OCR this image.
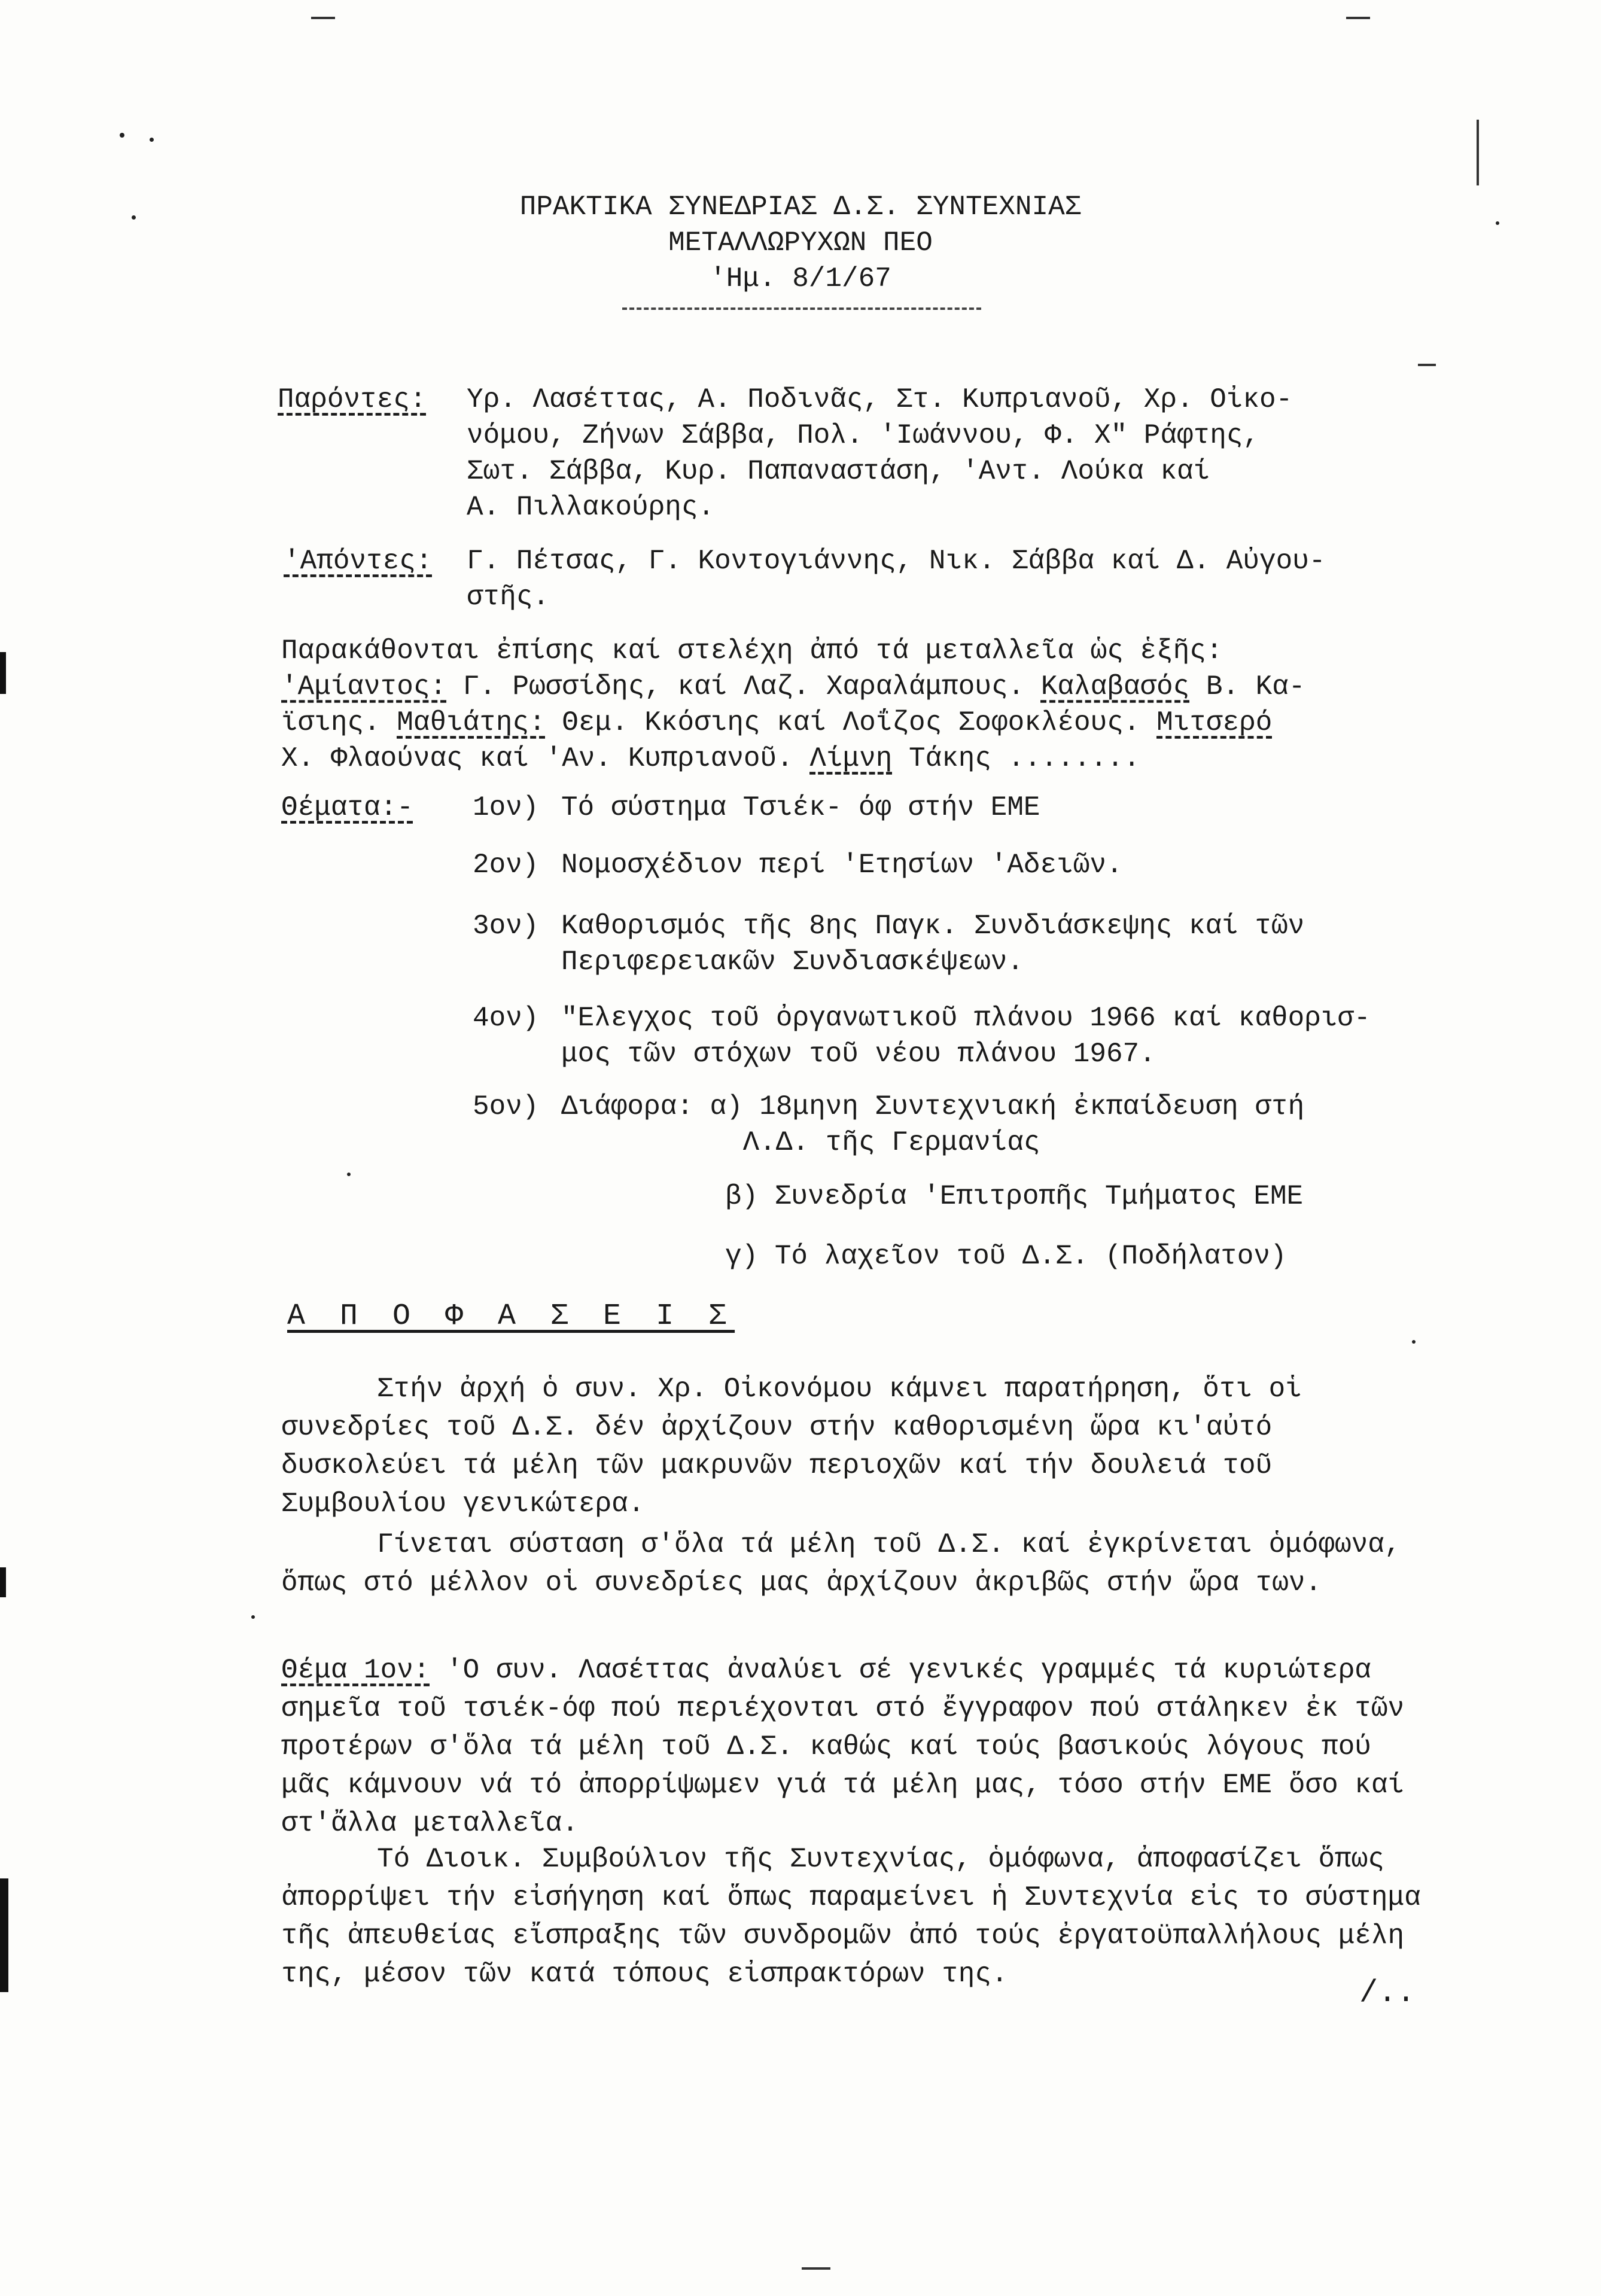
ΠΡΑΚΤΙΚΑ ΣΥΝΕΔΡΙΑΣ Δ.Σ. ΣΥΝΤΕΧΝΙΑΣ
ΜΕΤΑΛΛΩΡΥΧΩΝ ΠΕΟ
'Ημ. 8/1/67
Παρόντες: Υρ. Λασέττας, Α. Ποδινᾶς, Στ. Κυπριανοῦ, Χρ. Οἰκο-
νόμου, Ζήνων Σάββα, Πολ. 'Ιωάννου, Φ. Χ" Ράφτης,
Σωτ. Σάββα, Κυρ. Παπαναστάση, 'Αντ. Λούκα καί
Α. Πιλλακούρης.
'Απόντες: Γ. Πέτσας, Γ. Κοντογιάννης, Νικ. Σάββα καί Δ. Αὐγου-
στῆς.
Παρακάθονται ἐπίσης καί στελέχη ἀπό τά μεταλλεῖα ὡς ἑξῆς:
'Αμίαντος: Γ. Ρωσσίδης, καί Λαζ. Χαραλάμπους. Καλαβασός Β. Κα-
ϊσιης. Μαθιάτης: Θεμ. Κκόσιης καί Λοΐζος Σοφοκλέους. Μιτσερό
Χ. Φλαούνας καί 'Αν. Κυπριανοῦ. Λίμνη Τάκης ........
Θέματα:- 1ον) Τό σύστημα Τσιέκ- όφ στήν ΕΜΕ
2ον) Νομοσχέδιον περί 'Ετησίων 'Αδειῶν.
3ον) Καθορισμός τῆς 8ης Παγκ. Συνδιάσκεψης καί τῶν
Περιφερειακῶν Συνδιασκέψεων.
4ον) "Ελεγχος τοῦ ὀργανωτικοῦ πλάνου 1966 καί καθορισ-
μος τῶν στόχων τοῦ νέου πλάνου 1967.
5ον) Διάφορα: α) 18μηνη Συντεχνιακή ἐκπαίδευση στή
Λ.Δ. τῆς Γερμανίας
β) Συνεδρία 'Επιτροπῆς Τμήματος ΕΜΕ
γ) Τό λαχεῖον τοῦ Δ.Σ. (Ποδήλατον)
Α Π Ο Φ Α Σ Ε Ι Σ
Στήν ἀρχή ὁ συν. Χρ. Οἰκονόμου κάμνει παρατήρηση, ὅτι οἱ συνεδρίες τοῦ Δ.Σ. δέν ἀρχίζουν στήν καθορισμένη ὥρα κι'αὐτό δυσκολεύει τά μέλη τῶν μακρυνῶν περιοχῶν καί τήν δουλειά τοῦ Συμβουλίου γενικώτερα.
Γίνεται σύσταση σ'ὅλα τά μέλη τοῦ Δ.Σ. καί ἐγκρίνεται ὁμόφωνα, ὅπως στό μέλλον οἱ συνεδρίες μας ἀρχίζουν ἀκριβῶς στήν ὥρα των.
Θέμα 1ον: 'Ο συν. Λασέττας ἀναλύει σέ γενικές γραμμές τά κυριώτερα σημεῖα τοῦ τσιέκ-όφ πού περιέχονται στό ἔγγραφον πού στάληκεν ἐκ τῶν προτέρων σ'ὅλα τά μέλη τοῦ Δ.Σ. καθώς καί τούς βασικούς λόγους πού μᾶς κάμνουν νά τό ἀπορρίψωμεν γιά τά μέλη μας, τόσο στήν ΕΜΕ ὅσο καί στ'ἄλλα μεταλλεῖα.
Τό Διοικ. Συμβούλιον τῆς Συντεχνίας, ὁμόφωνα, ἀποφασίζει ὅπως ἀπορρίψει τήν εἰσήγηση καί ὅπως παραμείνει ἡ Συντεχνία εἰς το σύστημα τῆς ἀπευθείας εἴσπραξης τῶν συνδρομῶν ἀπό τούς ἐργατοϋπαλλήλους μέλη της, μέσον τῶν κατά τόπους εἰσπρακτόρων της.
/..
